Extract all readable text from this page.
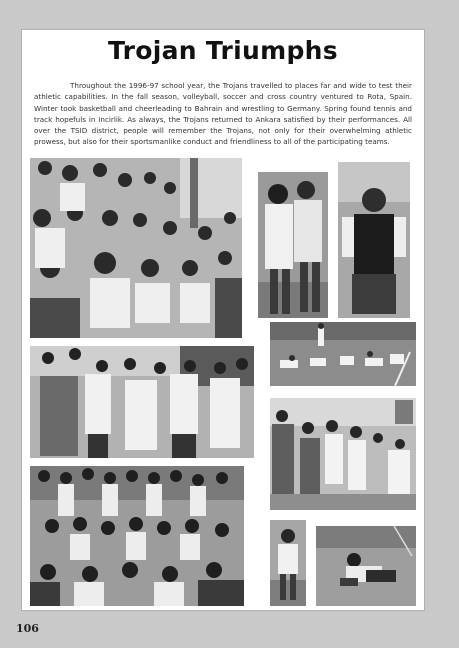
Trojan Triumphs
Throughout the 1996-97 school year, the Trojans travelled to places far and wide to test their athletic capabilities. In the fall season, volleyball, soccer and cross country ventured to Rota, Spain. Winter took basketball and cheerleading to Bahrain and wrestling to Germany. Spring found tennis and track hopefuls in Incirlik. As always, the Trojans returned to Ankara satisfied by their performances. All over the TSID district, people will remember the Trojans, not only for their overwhelming athletic prowess, but also for their sportsmanlike conduct and friendliness to all of the participating teams.
106
